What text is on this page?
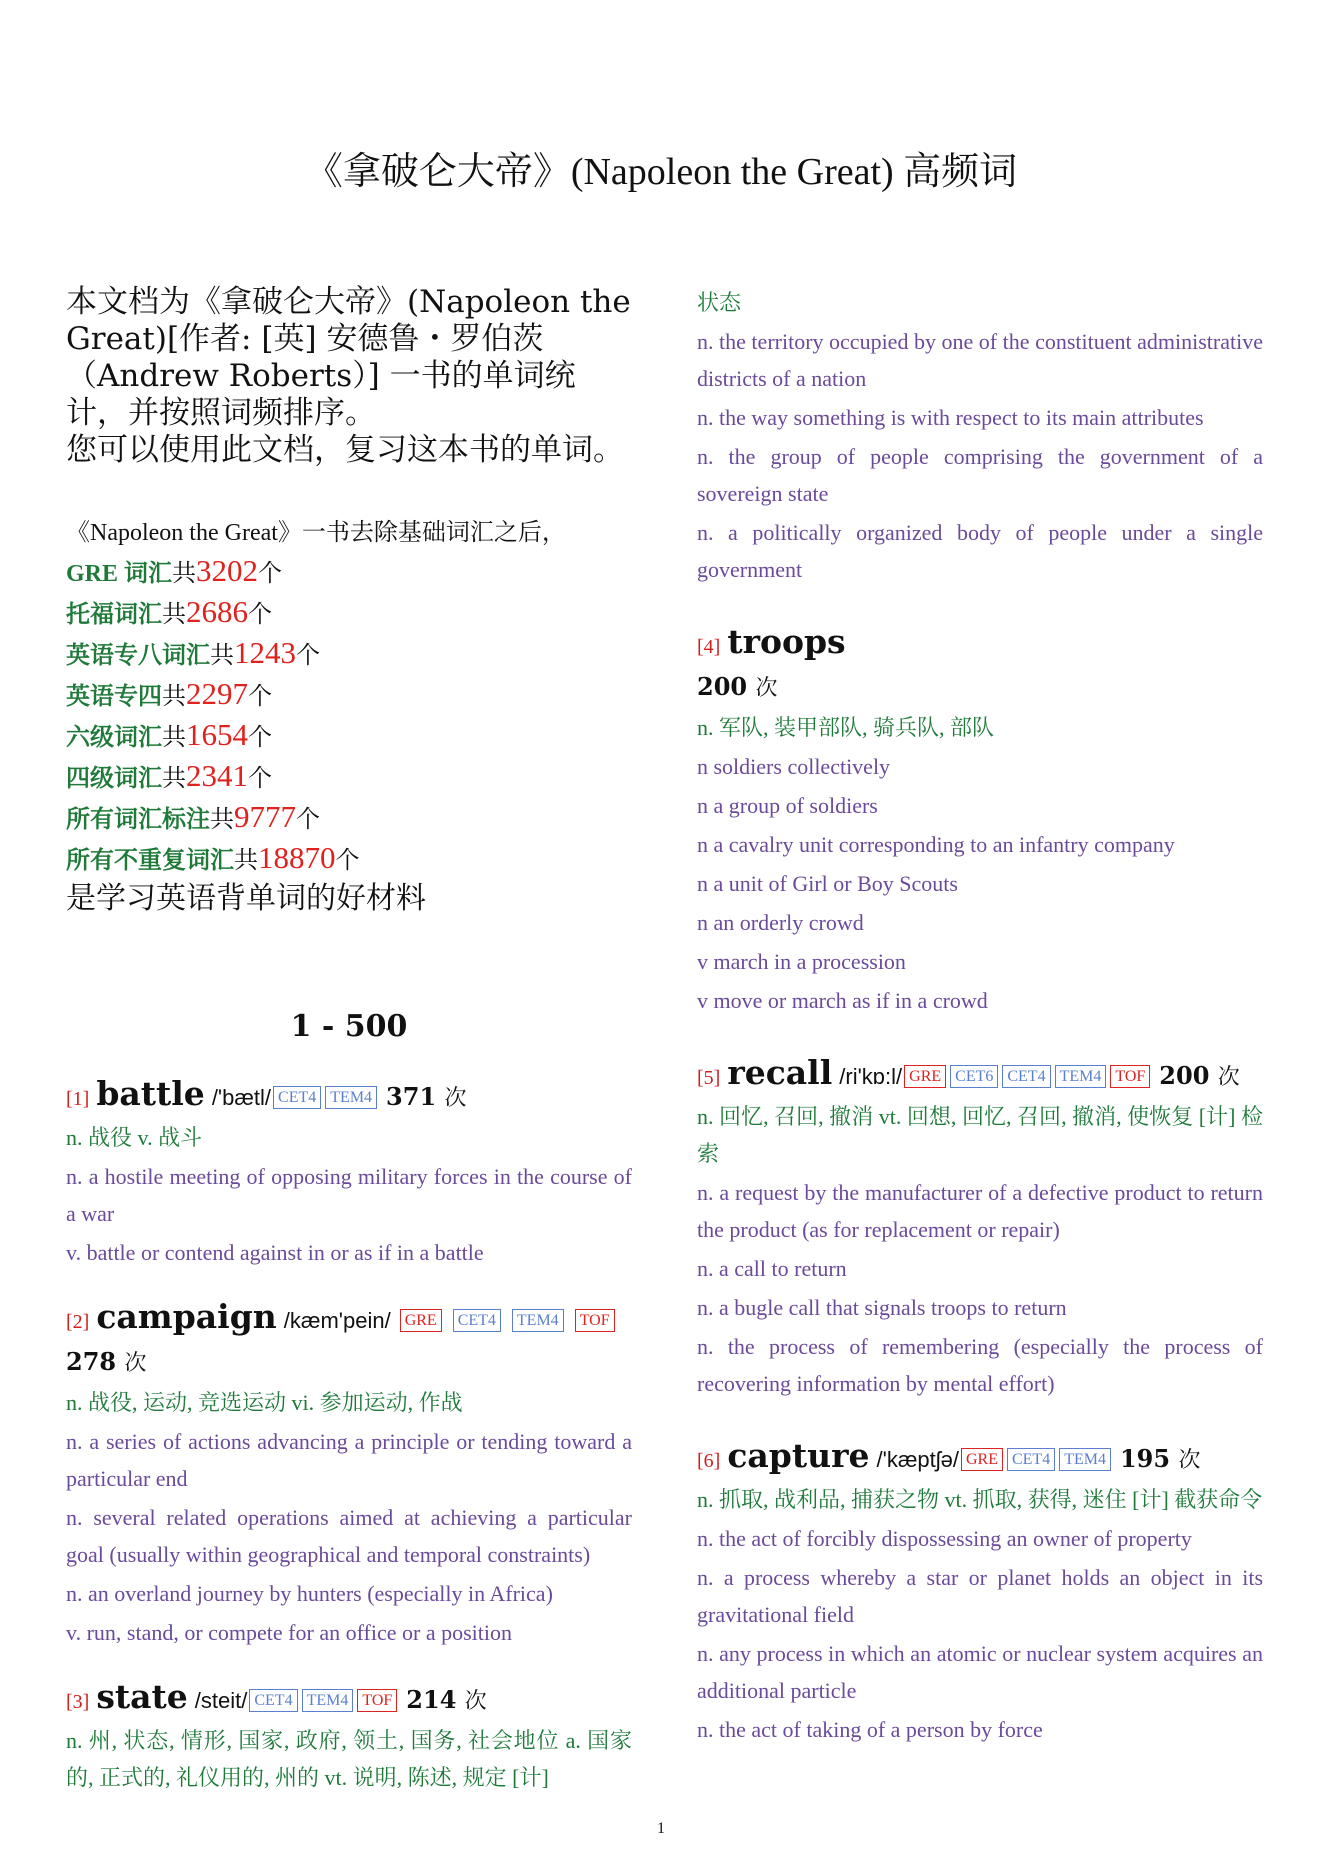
《拿破仑大帝》(Napoleon the Great) 高频词

本文档为《拿破仑大帝》(Napoleon the Great)[作者: [英] 安德鲁・罗伯茨（Andrew Roberts）] 一书的单词统计，并按照词频排序。

您可以使用此文档，复习这本书的单词。

《Napoleon the Great》一书去除基础词汇之后，
GRE 词汇共3202个
托福词汇共2686个
英语专八词汇共1243个
英语专四共2297个
六级词汇共1654个
四级词汇共2341个
所有词汇标注共9777个
所有不重复词汇共18870个
是学习英语背单词的好材料
1 - 500
[1] battle /'bætl/ CET4 TEM4 371 次
n. 战役 v. 战斗
n. a hostile meeting of opposing military forces in the course of a war
v. battle or contend against in or as if in a battle
[2] campaign /kæm'pein/ GRE CET4 TEM4 TOF
278 次
n. 战役, 运动, 竞选运动 vi. 参加运动, 作战
n. a series of actions advancing a principle or tending toward a particular end
n. several related operations aimed at achieving a particular goal (usually within geographical and temporal constraints)
n. an overland journey by hunters (especially in Africa)
v. run, stand, or compete for an office or a position
[3] state /steit/ CET4 TEM4 TOF 214 次
n. 州, 状态, 情形, 国家, 政府, 领土, 国务, 社会地位 a. 国家的, 正式的, 礼仪用的, 州的 vt. 说明, 陈述, 规定 [计]
状态
n. the territory occupied by one of the constituent administrative districts of a nation
n. the way something is with respect to its main attributes
n. the group of people comprising the government of a sovereign state
n. a politically organized body of people under a single government
[4] troops
200 次
n. 军队, 装甲部队, 骑兵队, 部队
n soldiers collectively
n a group of soldiers
n a cavalry unit corresponding to an infantry company
n a unit of Girl or Boy Scouts
n an orderly crowd
v march in a procession
v move or march as if in a crowd
[5] recall /ri'kɒ:l/ GRE CET6 CET4 TEM4 TOF 200 次
n. 回忆, 召回, 撤消 vt. 回想, 回忆, 召回, 撤消, 使恢复 [计] 检索
n. a request by the manufacturer of a defective product to return the product (as for replacement or repair)
n. a call to return
n. a bugle call that signals troops to return
n. the process of remembering (especially the process of recovering information by mental effort)
[6] capture /'kæptʃə/ GRE CET4 TEM4 195 次
n. 抓取, 战利品, 捕获之物 vt. 抓取, 获得, 迷住 [计] 截获命令
n. the act of forcibly dispossessing an owner of property
n. a process whereby a star or planet holds an object in its gravitational field
n. any process in which an atomic or nuclear system acquires an additional particle
n. the act of taking of a person by force
1
